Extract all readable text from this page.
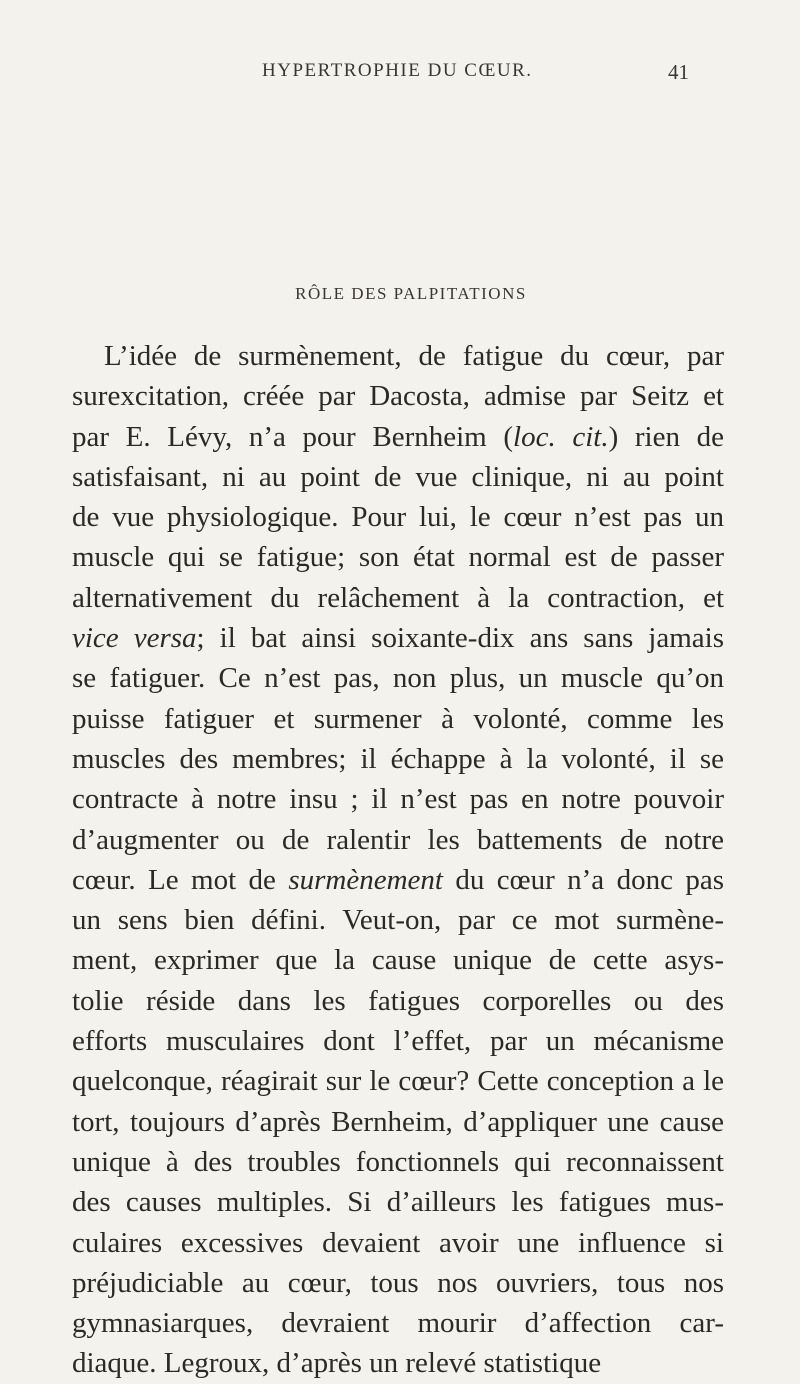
HYPERTROPHIE DU CŒUR.	41
RÔLE DES PALPITATIONS
L’idée de surmènement, de fatigue du cœur, par
surexcitation, créée par Dacosta, admise par Seitz et
par E. Lévy, n’a pour Bernheim (loc. cit.) rien de
satisfaisant, ni au point de vue clinique, ni au point
de vue physiologique. Pour lui, le cœur n’est pas un
muscle qui se fatigue; son état normal est de passer
alternativement du relâchement à la contraction, et
vice versa; il bat ainsi soixante-dix ans sans jamais
se fatiguer. Ce n’est pas, non plus, un muscle qu’on
puisse fatiguer et surmener à volonté, comme les
muscles des membres; il échappe à la volonté, il se
contracte à notre insu ; il n’est pas en notre pouvoir
d’augmenter ou de ralentir les battements de notre
cœur. Le mot de surmènement du cœur n’a donc pas
un sens bien défini. Veut-on, par ce mot surmène-
ment, exprimer que la cause unique de cette asys-
tolie réside dans les fatigues corporelles ou des
efforts musculaires dont l’effet, par un mécanisme
quelconque, réagirait sur le cœur? Cette conception a le
tort, toujours d’après Bernheim, d’appliquer une cause
unique à des troubles fonctionnels qui reconnaissent
des causes multiples. Si d’ailleurs les fatigues mus-
culaires excessives devaient avoir une influence si
préjudiciable au cœur, tous nos ouvriers, tous nos
gymnasiarques, devraient mourir d’affection car-
diaque. Legroux, d’après un relevé statistique
